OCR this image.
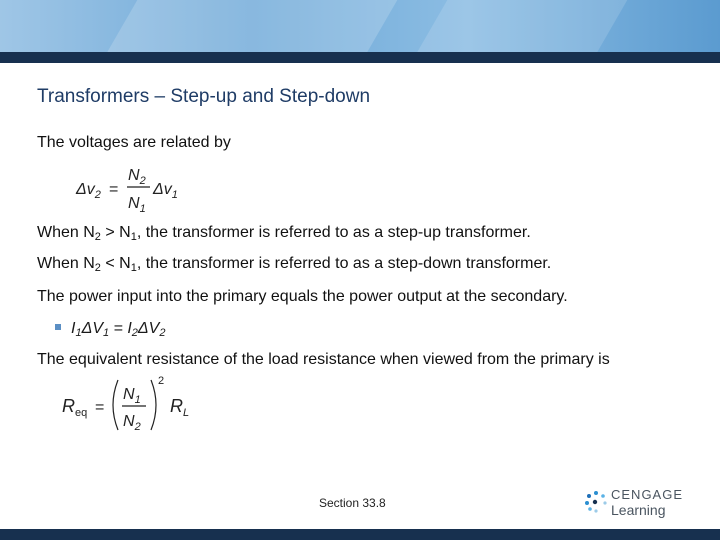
Transformers – Step-up and Step-down
The voltages are related by
$\Delta v_2$ =
$N_2$
$N_1$
$\Delta v_1$
When $N_2 > N_1$, the transformer is referred to as a step-up transformer.
When $N_2 < N_1$, the transformer is referred to as a step-down transformer.
The power input into the primary equals the power output at the secondary.
$I_1\Delta V_1 = I_2\Delta V_2$
The equivalent resistance of the load resistance when viewed from the primary is
$R_{eq}$ =
$N_1$
$N_2$
2
$R_L$
Section 33.8
CENGAGE
Learning
